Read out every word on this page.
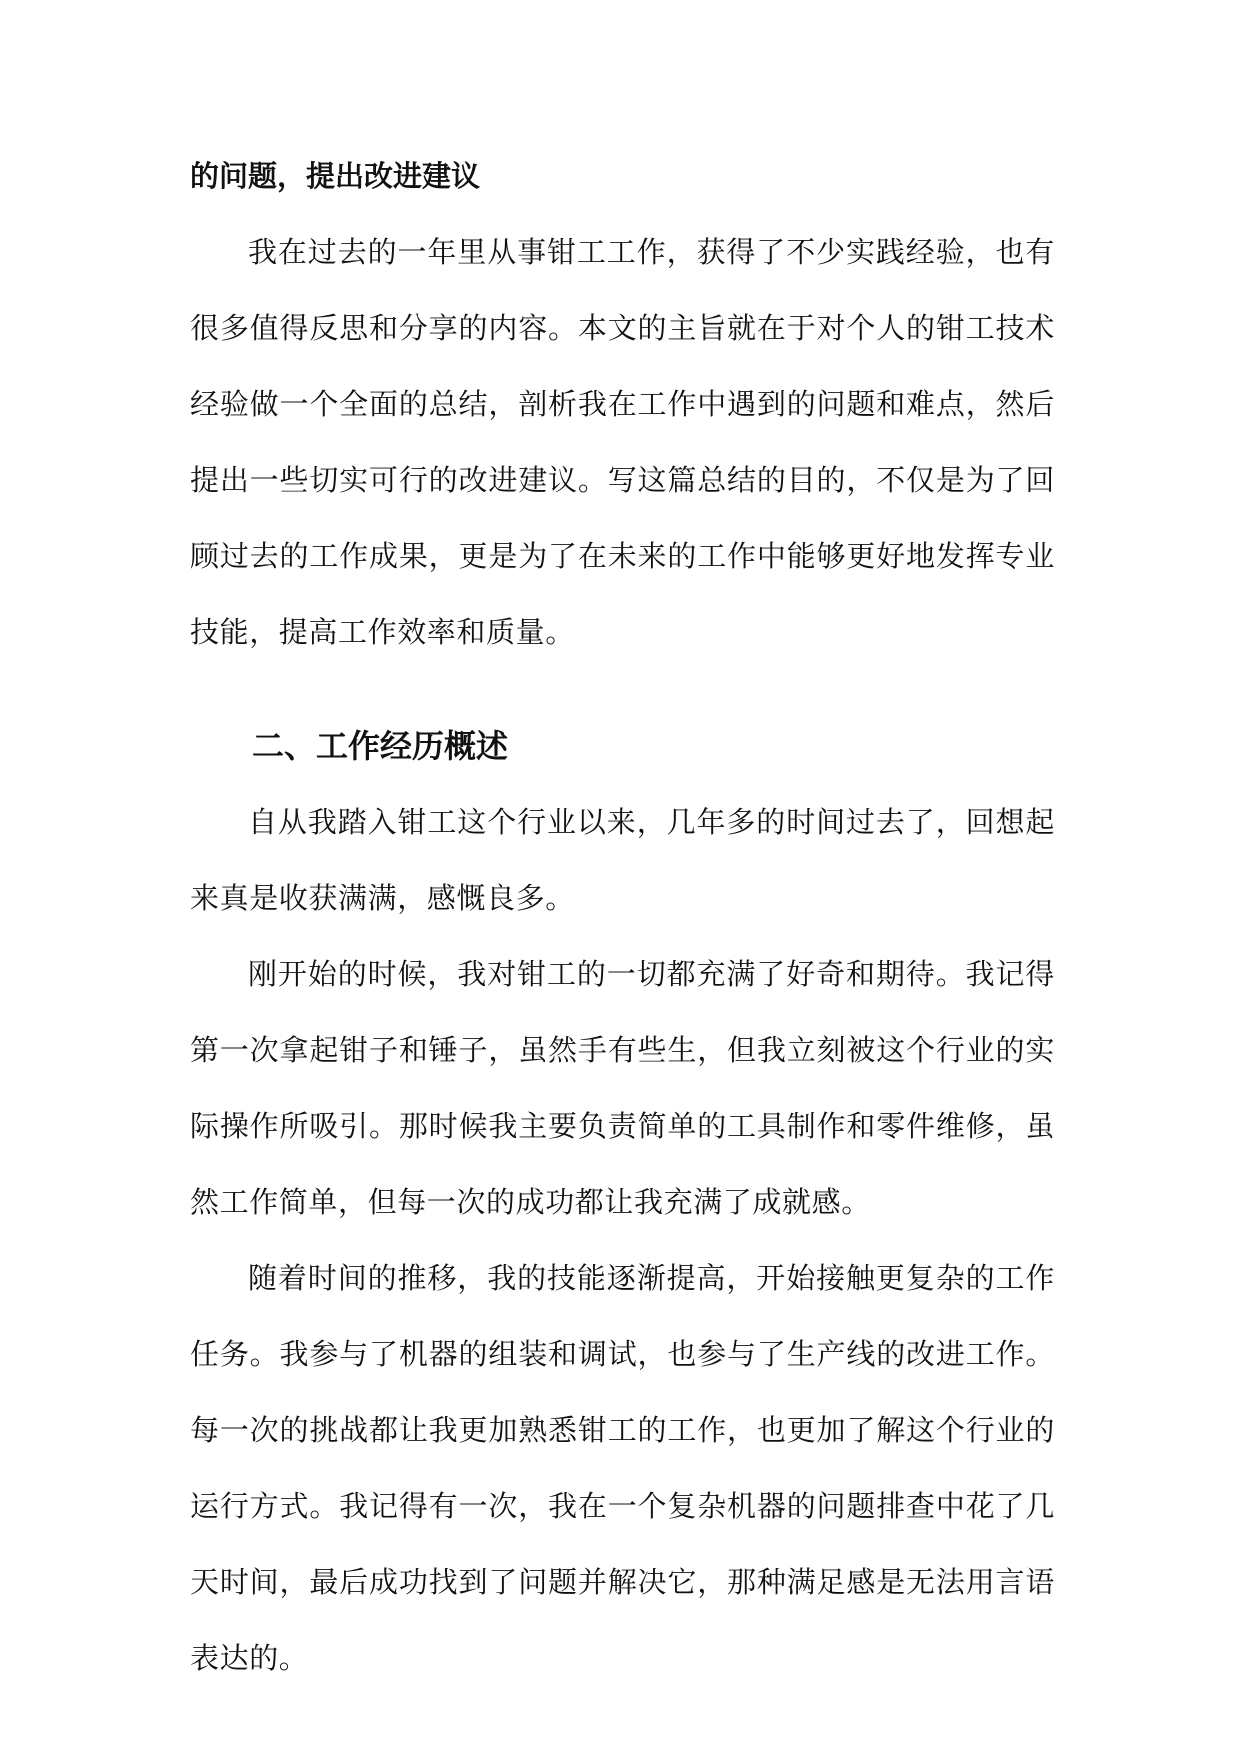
的问题，提出改进建议

我在过去的一年里从事钳工工作，获得了不少实践经验，也有很多值得反思和分享的内容。本文的主旨就在于对个人的钳工技术经验做一个全面的总结，剖析我在工作中遇到的问题和难点，然后提出一些切实可行的改进建议。写这篇总结的目的，不仅是为了回顾过去的工作成果，更是为了在未来的工作中能够更好地发挥专业技能，提高工作效率和质量。

二、工作经历概述

自从我踏入钳工这个行业以来，几年多的时间过去了，回想起来真是收获满满，感慨良多。

刚开始的时候，我对钳工的一切都充满了好奇和期待。我记得第一次拿起钳子和锤子，虽然手有些生，但我立刻被这个行业的实际操作所吸引。那时候我主要负责简单的工具制作和零件维修，虽然工作简单，但每一次的成功都让我充满了成就感。

随着时间的推移，我的技能逐渐提高，开始接触更复杂的工作任务。我参与了机器的组装和调试，也参与了生产线的改进工作。每一次的挑战都让我更加熟悉钳工的工作，也更加了解这个行业的运行方式。我记得有一次，我在一个复杂机器的问题排查中花了几天时间，最后成功找到了问题并解决它，那种满足感是无法用言语表达的。
